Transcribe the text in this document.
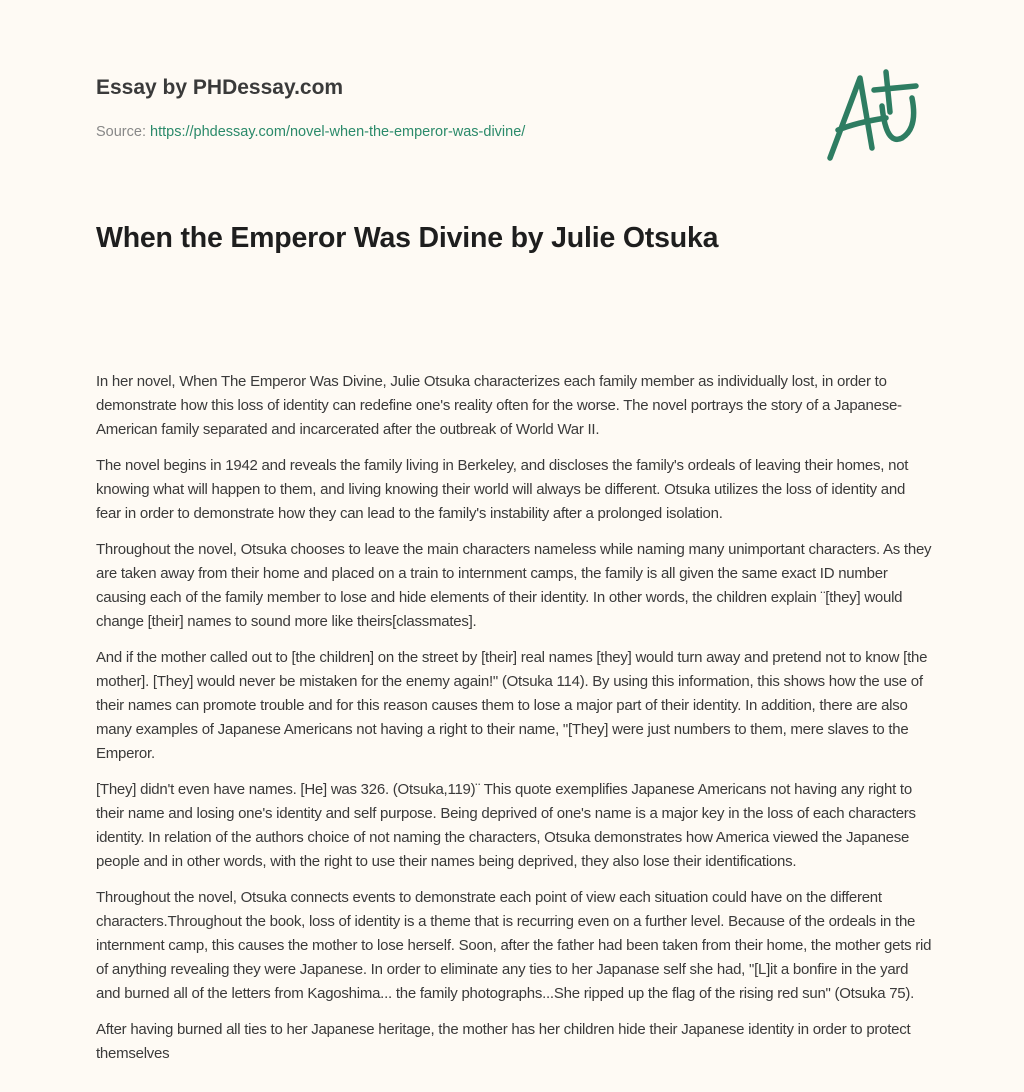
Essay by PHDessay.com
Source: https://phdessay.com/novel-when-the-emperor-was-divine/
When the Emperor Was Divine by Julie Otsuka

In her novel, When The Emperor Was Divine, Julie Otsuka characterizes each family member as individually lost, in order to demonstrate how this loss of identity can redefine one's reality often for the worse. The novel portrays the story of a Japanese-American family separated and incarcerated after the outbreak of World War II.

The novel begins in 1942 and reveals the family living in Berkeley, and discloses the family's ordeals of leaving their homes, not knowing what will happen to them, and living knowing their world will always be different. Otsuka utilizes the loss of identity and fear in order to demonstrate how they can lead to the family's instability after a prolonged isolation.

Throughout the novel, Otsuka chooses to leave the main characters nameless while naming many unimportant characters. As they are taken away from their home and placed on a train to internment camps, the family is all given the same exact ID number causing each of the family member to lose and hide elements of their identity. In other words, the children explain ¨[they] would change [their] names to sound more like theirs[classmates].

And if the mother called out to [the children] on the street by [their] real names [they] would turn away and pretend not to know [the mother]. [They] would never be mistaken for the enemy again!" (Otsuka 114). By using this information, this shows how the use of their names can promote trouble and for this reason causes them to lose a major part of their identity. In addition, there are also many examples of Japanese Americans not having a right to their name, "[They] were just numbers to them, mere slaves to the Emperor.

[They] didn't even have names. [He] was 326. (Otsuka,119)¨ This quote exemplifies Japanese Americans not having any right to their name and losing one's identity and self purpose. Being deprived of one's name is a major key in the loss of each characters identity. In relation of the authors choice of not naming the characters, Otsuka demonstrates how America viewed the Japanese people and in other words, with the right to use their names being deprived, they also lose their identifications.

Throughout the novel, Otsuka connects events to demonstrate each point of view each situation could have on the different characters.Throughout the book, loss of identity is a theme that is recurring even on a further level. Because of the ordeals in the internment camp, this causes the mother to lose herself. Soon, after the father had been taken from their home, the mother gets rid of anything revealing they were Japanese. In order to eliminate any ties to her Japanase self she had, "[L]it a bonfire in the yard and burned all of the letters from Kagoshima... the family photographs...She ripped up the flag of the rising red sun" (Otsuka 75).

After having burned all ties to her Japanese heritage, the mother has her children hide their Japanese identity in order to protect themselves
